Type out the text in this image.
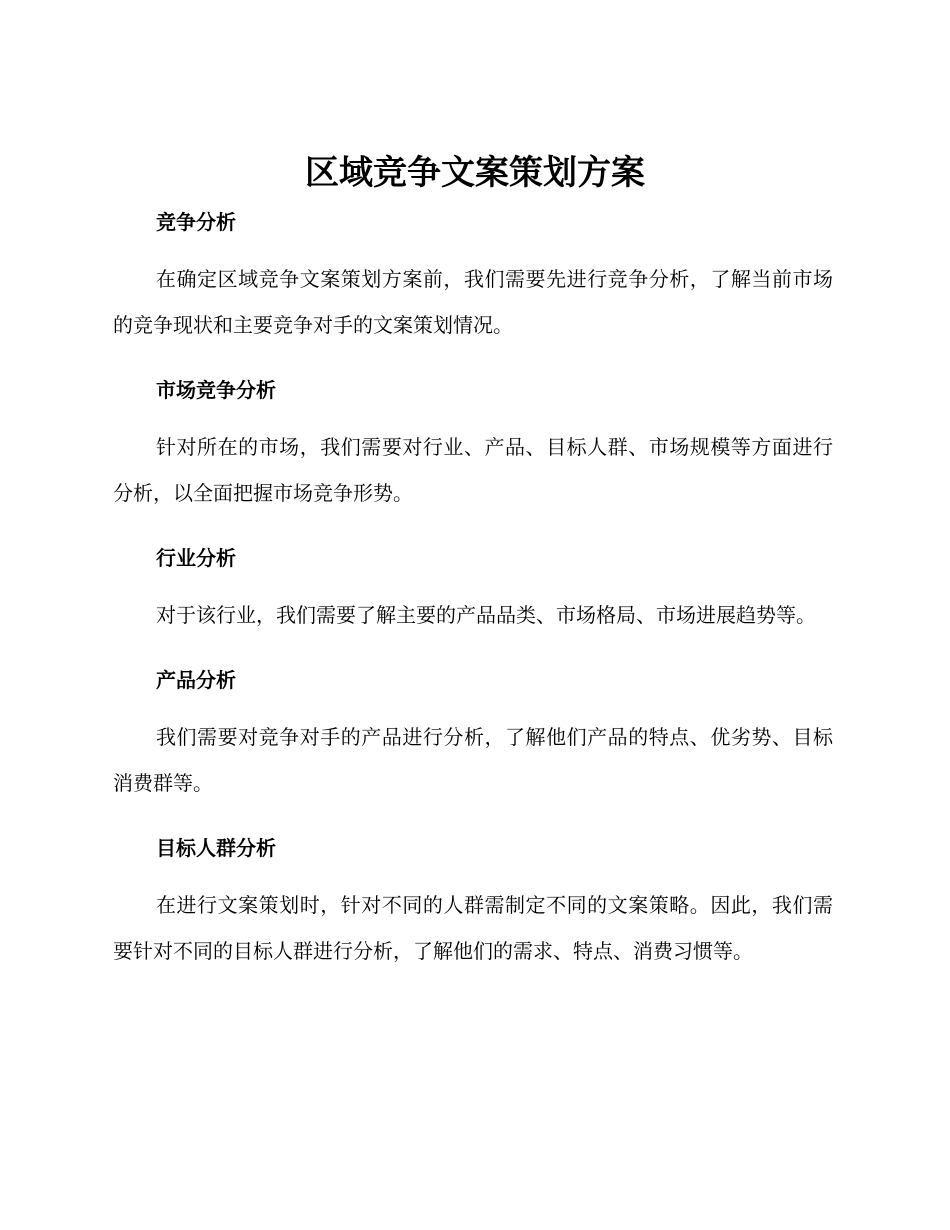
区域竞争文案策划方案

竞争分析

在确定区域竞争文案策划方案前，我们需要先进行竞争分析，了解当前市场的竞争现状和主要竞争对手的文案策划情况。

市场竞争分析

针对所在的市场，我们需要对行业、产品、目标人群、市场规模等方面进行分析，以全面把握市场竞争形势。

行业分析

对于该行业，我们需要了解主要的产品品类、市场格局、市场进展趋势等。

产品分析

我们需要对竞争对手的产品进行分析，了解他们产品的特点、优劣势、目标消费群等。

目标人群分析

在进行文案策划时，针对不同的人群需制定不同的文案策略。因此，我们需要针对不同的目标人群进行分析，了解他们的需求、特点、消费习惯等。
